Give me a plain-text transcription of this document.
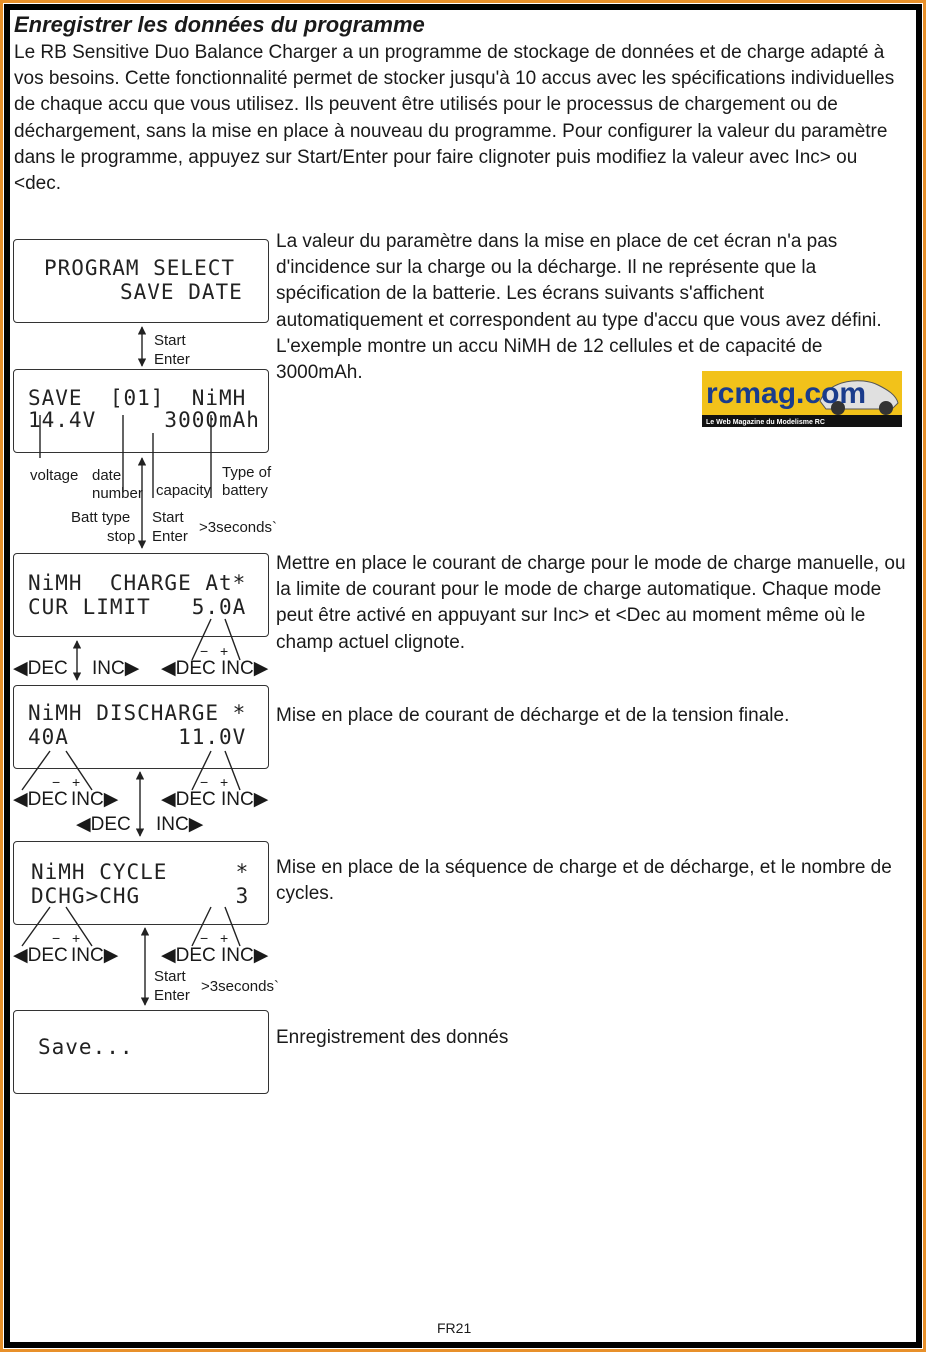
Enregistrer les données du programme

Le RB Sensitive Duo Balance Charger a un programme de stockage de données et de charge adapté à vos besoins. Cette fonctionnalité permet de stocker jusqu'à 10 accus avec les spécifications individuelles de chaque accu que vous utilisez. Ils peuvent être utilisés pour le processus de chargement ou de déchargement, sans la mise en place à nouveau du programme. Pour configurer la valeur du paramètre dans le programme, appuyez sur Start/Enter pour faire clignoter puis modifiez la valeur avec Inc> ou <dec.

PROGRAM SELECT
SAVE DATE
SAVE  [01]  NiMH
14.4V     3000mAh
NiMH  CHARGE At*
CUR LIMIT   5.0A
NiMH DISCHARGE *
40A        11.0V
NiMH CYCLE     *
DCHG>CHG       3
Save...
Start
Enter
voltage date
number capacity
Type of
battery
Batt type
stop
Start
Enter
>3seconds`
− +
◀DEC INC▶ ◀DEC INC▶
− +	− +
◀DEC INC▶ ◀DEC INC▶
◀DEC INC▶
− +	− +
◀DEC INC▶ ◀DEC INC▶
Start
Enter
>3seconds`

La valeur du paramètre dans la mise en place de cet écran n'a pas d'incidence sur la charge ou la décharge. Il ne représente que la spécification de la batterie. Les écrans suivants s'affichent automatiquement et correspondent au type d'accu que vous avez défini. L'exemple montre un accu NiMH de 12 cellules et de capacité de 3000mAh.

Mettre en place le courant de charge pour le mode de charge manuelle, ou la limite de courant pour le mode de charge automatique. Chaque mode peut être activé en appuyant sur Inc> et <Dec au moment même où le champ actuel clignote.

Mise en place de courant de décharge et de la tension finale.

Mise en place de la séquence de charge et de décharge, et le nombre de cycles.

Enregistrement des donnés

rcmag.com
Le Web Magazine du Modelisme RC
FR21
